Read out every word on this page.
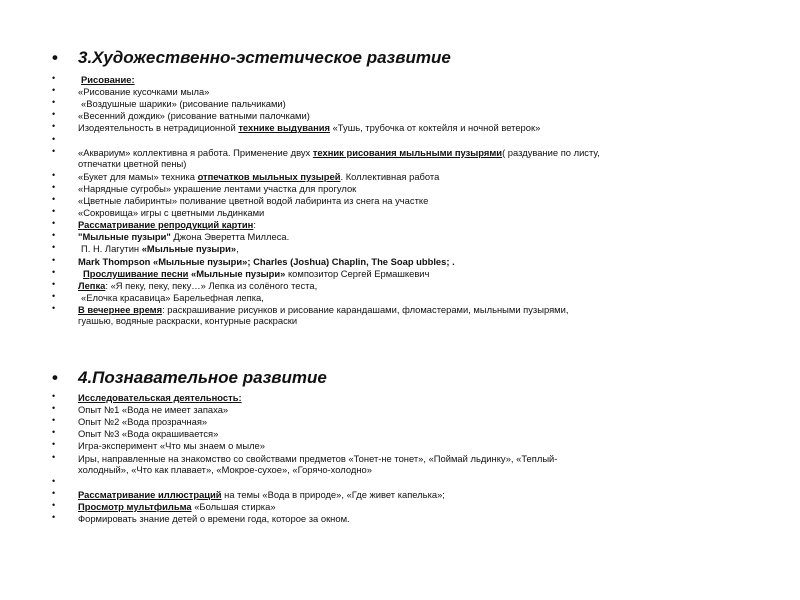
• 3.Художественно-эстетическое развитие
•	Рисование:
• «Рисование кусочками мыла»
•	«Воздушные шарики» (рисование пальчиками)
• «Весенний дождик» (рисование ватными палочками)
• Изодеятельность в нетрадиционной технике выдувания «Тушь, трубочка от коктейля и ночной ветерок»
•
• «Аквариум» коллективна я работа. Применение двух техник рисования мыльными пузырями( раздувание по листу,
отпечатки цветной пены)
• «Букет для мамы» техника отпечатков мыльных пузырей. Коллективная работа
• «Нарядные сугробы» украшение лентами участка для прогулок
• «Цветные лабиринты» поливание цветной водой лабиринта из снега на участке
• «Сокровища» игры с цветными льдинками
• Рассматривание репродукций картин:
• "Мыльные пузыри" Джона Эверетта Миллеса.
•	П. Н. Лагутин «Мыльные пузыри»,
• Mark Thompson «Мыльные пузыри»; Charles (Joshua) Chaplin, The Soap ubbles; .
•	Прослушивание песни «Мыльные пузыри» композитор Сергей Ермашкевич
• Лепка: «Я пеку, пеку, пеку…» Лепка из солёного теста,
•	«Елочка красавица» Барельефная лепка,
• В вечернее время: раскрашивание рисунков и рисование карандашами, фломастерами, мыльными пузырями,
гуашью, водяные раскраски, контурные раскраски
• 4.Познавательное развитие
• Исследовательская деятельность:
• Опыт №1 «Вода не имеет запаха»
• Опыт №2 «Вода прозрачная»
• Опыт №3 «Вода окрашивается»
• Игра-эксперимент «Что мы знаем о мыле»
• Иры, направленные на знакомство со свойствами предметов «Тонет-не тонет», «Поймай льдинку», «Теплый-
холодный», «Что как плавает», «Мокрое-сухое», «Горячо-холодно»
•
• Рассматривание иллюстраций на темы «Вода в природе», «Где живет капелька»;
• Просмотр мультфильма «Большая стирка»
• Формировать знание детей о времени года, которое за окном.
